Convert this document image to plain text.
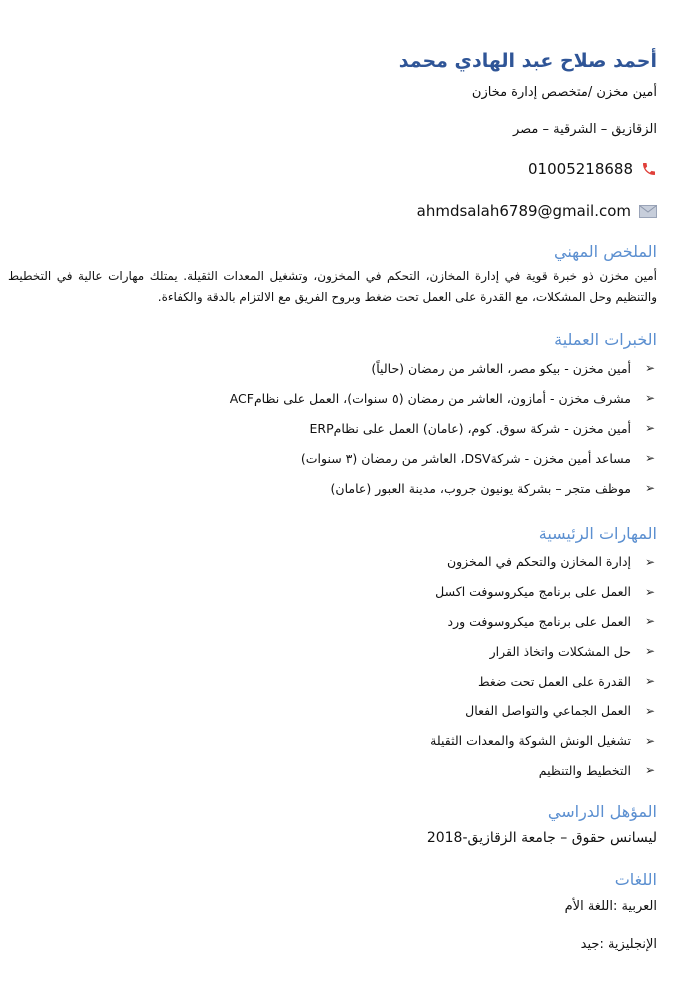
أحمد صلاح عبد الهادي محمد
أمين مخزن /متخصص إدارة مخازن
الزقازيق – الشرقية – مصر
01005218688
ahmdsalah6789@gmail.com
الملخص المهني
أمين مخزن ذو خبرة قوية في إدارة المخازن، التحكم في المخزون، وتشغيل المعدات الثقيلة. يمتلك مهارات عالية في التخطيط والتنظيم وحل المشكلات، مع القدرة على العمل تحت ضغط وبروح الفريق مع الالتزام بالدقة والكفاءة.
الخبرات العملية
➢
أمين مخزن - بيكو مصر، العاشر من رمضان (حالياً)
➢
مشرف مخزن - أمازون، العاشر من رمضان (٥ سنوات)، العمل على نظامACF
➢
أمين مخزن - شركة سوق. كوم، (عامان) العمل على نظامERP
➢
مساعد أمين مخزن - شركةDSV، العاشر من رمضان (٣ سنوات)
➢
موظف متجر – بشركة يونيون جروب، مدينة العبور (عامان)
المهارات الرئيسية
➢
إدارة المخازن والتحكم في المخزون
➢
العمل على برنامج ميكروسوفت اكسل
➢
العمل على برنامج ميكروسوفت ورد
➢
حل المشكلات واتخاذ القرار
➢
القدرة على العمل تحت ضغط
➢
العمل الجماعي والتواصل الفعال
➢
تشغيل الونش الشوكة والمعدات الثقيلة
➢
التخطيط والتنظيم
المؤهل الدراسي
ليسانس حقوق – جامعة الزقازيق-2018
اللغات
العربية :اللغة الأم
الإنجليزية :جيد
